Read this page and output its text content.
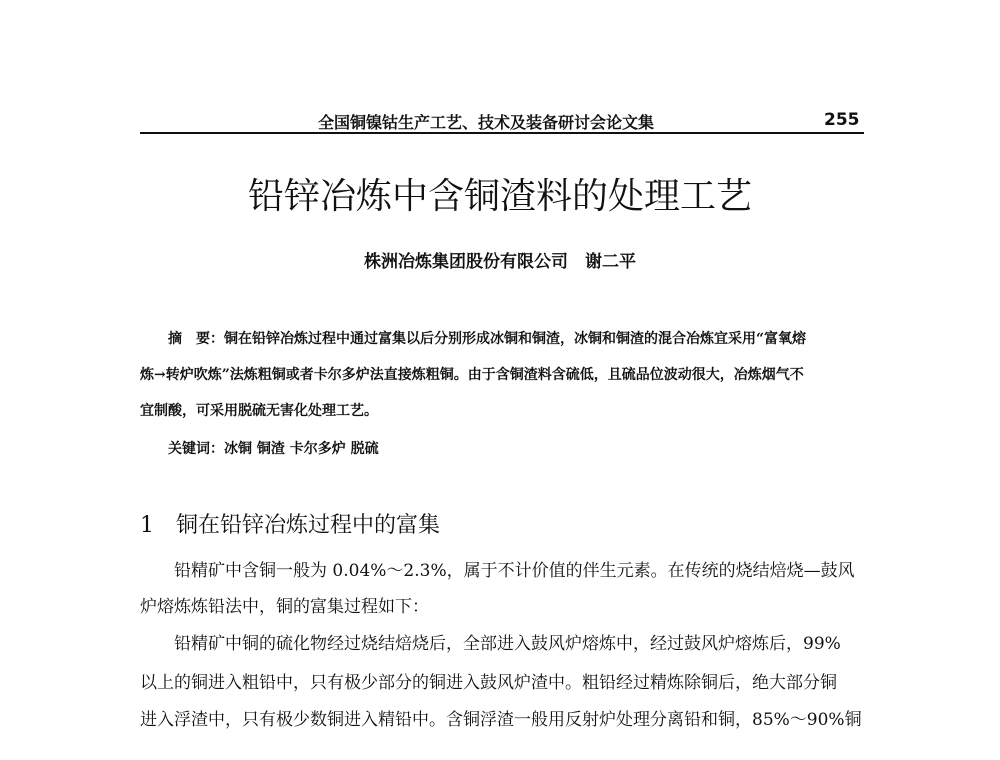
全国铜镍钴生产工艺、技术及装备研讨会论文集	255
铅锌冶炼中含铜渣料的处理工艺
株洲冶炼集团股份有限公司　谢二平
　　摘　要：铜在铅锌冶炼过程中通过富集以后分别形成冰铜和铜渣，冰铜和铜渣的混合冶炼宜采用“富氧熔
炼→转炉吹炼”法炼粗铜或者卡尔多炉法直接炼粗铜。由于含铜渣料含硫低，且硫品位波动很大，冶炼烟气不
宜制酸，可采用脱硫无害化处理工艺。
　　关键词：冰铜 铜渣 卡尔多炉 脱硫
1　铜在铅锌冶炼过程中的富集
　　铅精矿中含铜一般为 0.04%～2.3%，属于不计价值的伴生元素。在传统的烧结焙烧—鼓风
炉熔炼炼铅法中，铜的富集过程如下：
　　铅精矿中铜的硫化物经过烧结焙烧后，全部进入鼓风炉熔炼中，经过鼓风炉熔炼后，99%
以上的铜进入粗铅中，只有极少部分的铜进入鼓风炉渣中。粗铅经过精炼除铜后，绝大部分铜
进入浮渣中，只有极少数铜进入精铅中。含铜浮渣一般用反射炉处理分离铅和铜，85%～90%铜
